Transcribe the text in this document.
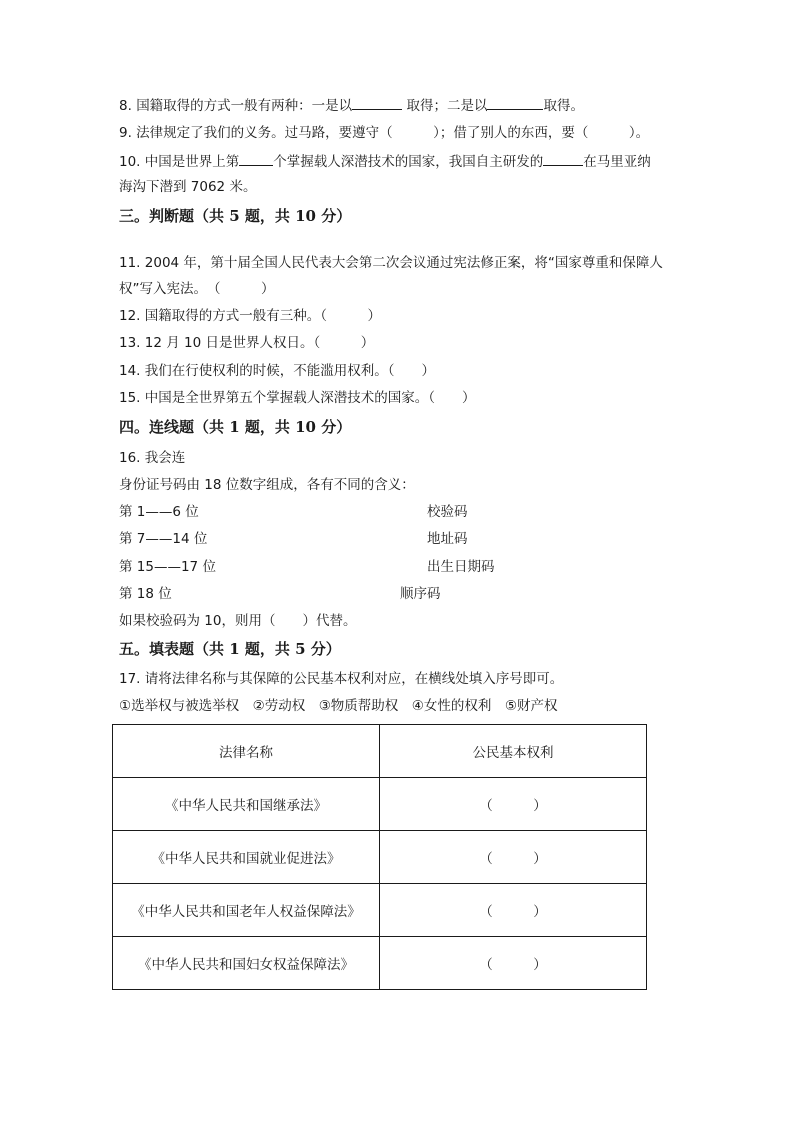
8. 国籍取得的方式一般有两种：一是以	取得；二是以	取得。
9. 法律规定了我们的义务。过马路，要遵守（　　　）；借了别人的东西，要（　　　）。
10. 中国是世界上第	个掌握载人深潜技术的国家，我国自主研发的	在马里亚纳
海沟下潜到 7062 米。
三。判断题（共 5 题，共 10 分）
11. 2004 年，第十届全国人民代表大会第二次会议通过宪法修正案，将“国家尊重和保障人
权”写入宪法。　（　　　）
12. 国籍取得的方式一般有三种。（　　　）
13. 12 月 10 日是世界人权日。（　　　）
14. 我们在行使权利的时候，不能滥用权利。（　　）
15. 中国是全世界第五个掌握载人深潜技术的国家。（　　）
四。连线题（共 1 题，共 10 分）
16. 我会连
身份证号码由 18 位数字组成，各有不同的含义：
第 1——6 位	校验码
第 7——14 位	地址码
第 15——17 位	出生日期码
第 18 位	顺序码
如果校验码为 10，则用（　　）代替。
五。填表题（共 1 题，共 5 分）
17. 请将法律名称与其保障的公民基本权利对应，在横线处填入序号即可。
①选举权与被选举权　②劳动权　③物质帮助权　④女性的权利　⑤财产权
法律名称	公民基本权利
《中华人民共和国继承法》	（　　　）
《中华人民共和国就业促进法》	（　　　）
《中华人民共和国老年人权益保障法》	（　　　）
《中华人民共和国妇女权益保障法》	（　　　）
